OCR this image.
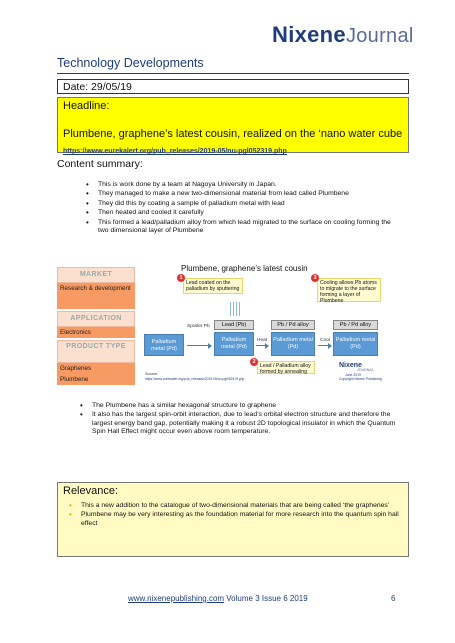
NixeneJournal
Technology Developments
Date: 29/05/19
Headline:
Plumbene, graphene’s latest cousin, realized on the ‘nano water cube
https://www.eurekalert.org/pub_releases/2019-05/nu-pgl052319.php
Content summary:
• This is work done by a team at Nagoya University in Japan.
• They managed to make a new two-dimensional material from lead called Plumbene
• They did this by coating a sample of palladium metal with lead
• Then heated and cooled it carefully
• This formed a lead/palladium alloy from which lead migrated to the surface on cooling forming the two dimensional layer of Plumbene
MARKET
Research & development
APPLICATION
Electronics
PRODUCT TYPE
Graphenes
Plumbene
Plumbene, graphene’s latest cousin
Lead coated on the palladium by sputtering
1
Cooling allows Pb atoms to migrate to the surface forming a layer of Plumbene
3
Palladium metal (Pd)
Sputter Pb	Lead (Pb)
Palladium metal (Pd)
Heat
Pb / Pd alloy
Palladium metal (Pd)
Cool
Pb / Pd alloy
Palladium metal (Pd)
Lead / Palladium alloy formed by annealing
2
Source:
https://www.eurekalert.org/pub_releases/2019-05/nu-pgl052319.php
Nixene
JOURNAL
June 2019
Copyright Nixene Publishing
• The Plumbene has a similar hexagonal structure to graphene
• It also has the largest spin-orbit interaction, due to lead’s orbital electron structure and therefore the largest energy band gap, potentially making it a robust 2D topological insulator in which the Quantum Spin Hall Effect might occur even above room temperature.
Relevance:
• This a new addition to the catalogue of two-dimensional materials that are being called ‘the graphenes’
• Plumbene may be very interesting as the foundation material for more research into the quantum spin hall effect
www.nixenepublishing.com Volume 3 Issue 6 2019	6
